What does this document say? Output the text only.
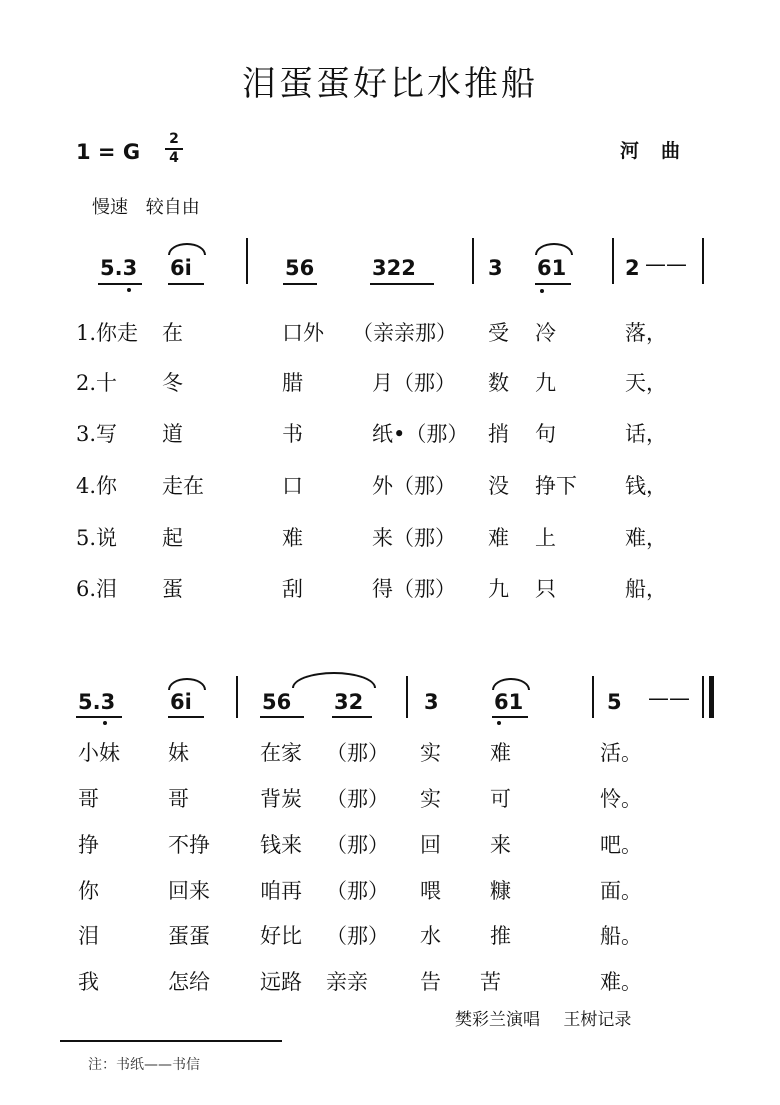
泪蛋蛋好比水推船
1 = G
2
4	河曲
慢速 较自由
5.3 6i	56	322	3 61	2 ——
1.你走 在	口外 （亲亲那） 受 冷	落，
2.十 冬	腊	月（那） 数 九	天，
3.写 道	书	纸•（那） 捎 句	话，
4.你 走在	口	外（那） 没 挣下 钱，
5.说 起	难	来（那） 难 上	难，
6.泪 蛋	刮	得（那） 九 只	船，
5.3	6i	56 32	3	61	5 ——
小妹 妹	在家 （那） 实 难	活。
哥	哥	背炭 （那） 实 可	怜。
挣	不挣 钱来 （那） 回 来	吧。
你	回来 咱再 （那） 喂 糠	面。
泪	蛋蛋 好比 （那） 水 推	船。
我	怎给 远路 亲亲 告 苦	难。
樊彩兰演唱 王树记录
注：书纸——书信
